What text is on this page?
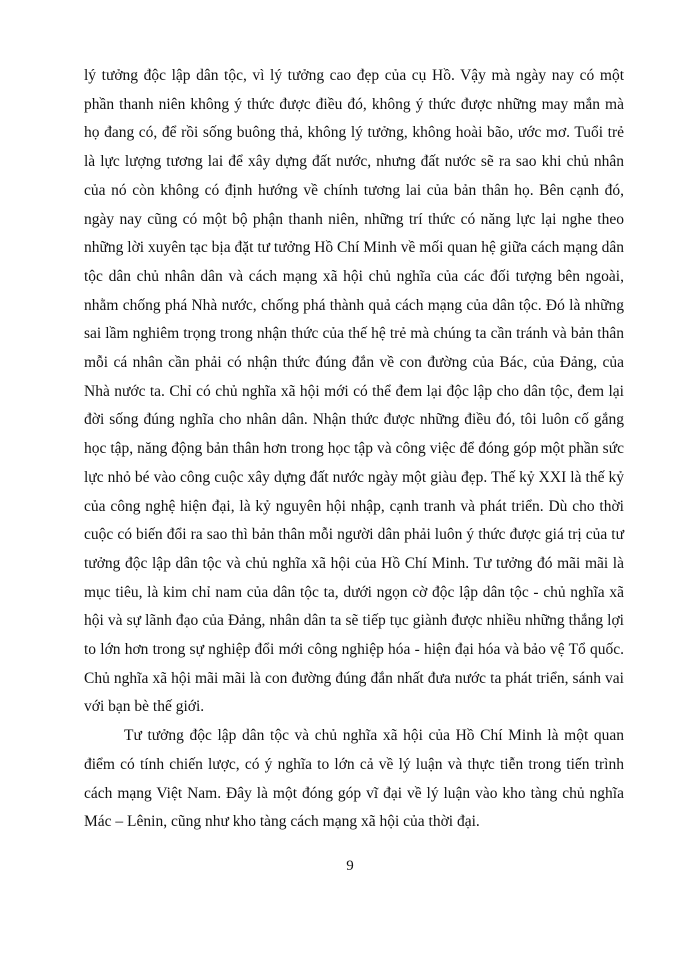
lý tưởng độc lập dân tộc, vì lý tưởng cao đẹp của cụ Hồ. Vậy mà ngày nay có một phần thanh niên không ý thức được điều đó, không ý thức được những may mắn mà họ đang có, để rồi sống buông thả, không lý tưởng, không hoài bão, ước mơ. Tuổi trẻ là lực lượng tương lai để xây dựng đất nước, nhưng đất nước sẽ ra sao khi chủ nhân của nó còn không có định hướng về chính tương lai của bản thân họ. Bên cạnh đó, ngày nay cũng có một bộ phận thanh niên, những trí thức có năng lực lại nghe theo những lời xuyên tạc bịa đặt tư tưởng Hồ Chí Minh về mối quan hệ giữa cách mạng dân tộc dân chủ nhân dân và cách mạng xã hội chủ nghĩa của các đối tượng bên ngoài, nhằm chống phá Nhà nước, chống phá thành quả cách mạng của dân tộc. Đó là những sai lầm nghiêm trọng trong nhận thức của thế hệ trẻ mà chúng ta cần tránh và bản thân mỗi cá nhân cần phải có nhận thức đúng đắn về con đường của Bác, của Đảng, của Nhà nước ta. Chỉ có chủ nghĩa xã hội mới có thể đem lại độc lập cho dân tộc, đem lại đời sống đúng nghĩa cho nhân dân. Nhận thức được những điều đó, tôi luôn cố gắng học tập, năng động bản thân hơn trong học tập và công việc để đóng góp một phần sức lực nhỏ bé vào công cuộc xây dựng đất nước ngày một giàu đẹp. Thế kỷ XXI là thế kỷ của công nghệ hiện đại, là kỷ nguyên hội nhập, cạnh tranh và phát triển. Dù cho thời cuộc có biến đổi ra sao thì bản thân mỗi người dân phải luôn ý thức được giá trị của tư tưởng độc lập dân tộc và chủ nghĩa xã hội của Hồ Chí Minh. Tư tưởng đó mãi mãi là mục tiêu, là kim chỉ nam của dân tộc ta, dưới ngọn cờ độc lập dân tộc - chủ nghĩa xã hội và sự lãnh đạo của Đảng, nhân dân ta sẽ tiếp tục giành được nhiều những thắng lợi to lớn hơn trong sự nghiệp đổi mới công nghiệp hóa - hiện đại hóa và bảo vệ Tổ quốc. Chủ nghĩa xã hội mãi mãi là con đường đúng đắn nhất đưa nước ta phát triển, sánh vai với bạn bè thế giới.

Tư tưởng độc lập dân tộc và chủ nghĩa xã hội của Hồ Chí Minh là một quan điểm có tính chiến lược, có ý nghĩa to lớn cả về lý luận và thực tiễn trong tiến trình cách mạng Việt Nam. Đây là một đóng góp vĩ đại về lý luận vào kho tàng chủ nghĩa Mác – Lênin, cũng như kho tàng cách mạng xã hội của thời đại.

9
